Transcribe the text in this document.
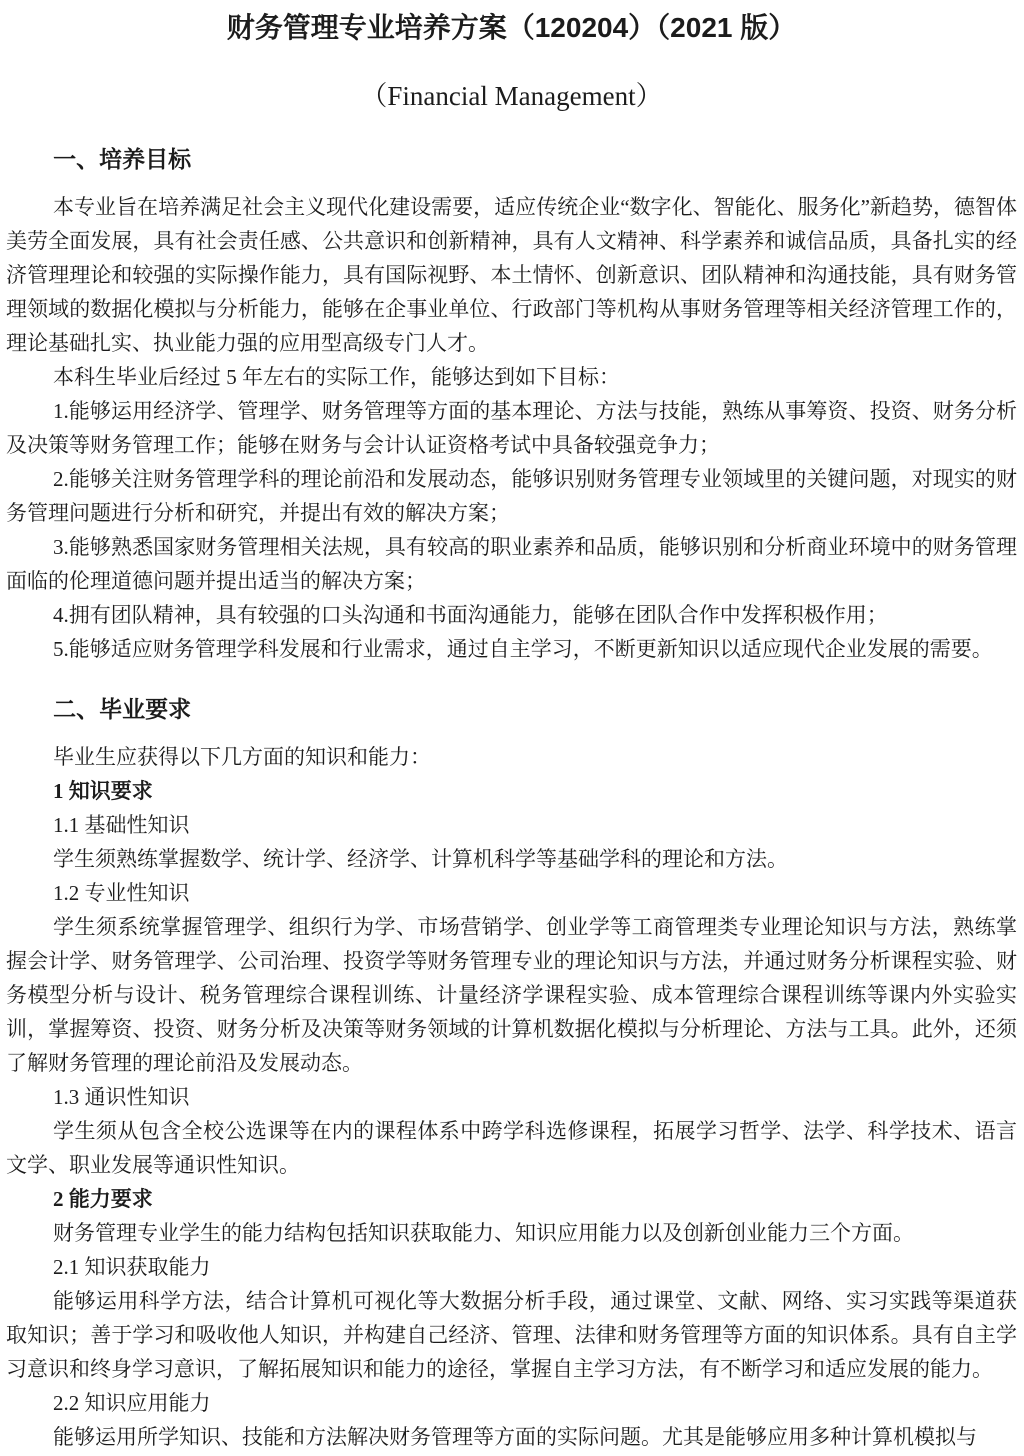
财务管理专业培养方案（120204）（2021 版）
（Financial Management）
一、培养目标

本专业旨在培养满足社会主义现代化建设需要，适应传统企业“数字化、智能化、服务化”新趋势，德智体美劳全面发展，具有社会责任感、公共意识和创新精神，具有人文精神、科学素养和诚信品质，具备扎实的经济管理理论和较强的实际操作能力，具有国际视野、本土情怀、创新意识、团队精神和沟通技能，具有财务管理领域的数据化模拟与分析能力，能够在企事业单位、行政部门等机构从事财务管理等相关经济管理工作的，理论基础扎实、执业能力强的应用型高级专门人才。

本科生毕业后经过 5 年左右的实际工作，能够达到如下目标：

1.能够运用经济学、管理学、财务管理等方面的基本理论、方法与技能，熟练从事筹资、投资、财务分析及决策等财务管理工作；能够在财务与会计认证资格考试中具备较强竞争力；

2.能够关注财务管理学科的理论前沿和发展动态，能够识别财务管理专业领域里的关键问题，对现实的财务管理问题进行分析和研究，并提出有效的解决方案；

3.能够熟悉国家财务管理相关法规，具有较高的职业素养和品质，能够识别和分析商业环境中的财务管理面临的伦理道德问题并提出适当的解决方案；

4.拥有团队精神，具有较强的口头沟通和书面沟通能力，能够在团队合作中发挥积极作用；

5.能够适应财务管理学科发展和行业需求，通过自主学习，不断更新知识以适应现代企业发展的需要。

二、毕业要求

毕业生应获得以下几方面的知识和能力：

1 知识要求

1.1 基础性知识

学生须熟练掌握数学、统计学、经济学、计算机科学等基础学科的理论和方法。

1.2 专业性知识

学生须系统掌握管理学、组织行为学、市场营销学、创业学等工商管理类专业理论知识与方法，熟练掌握会计学、财务管理学、公司治理、投资学等财务管理专业的理论知识与方法，并通过财务分析课程实验、财务模型分析与设计、税务管理综合课程训练、计量经济学课程实验、成本管理综合课程训练等课内外实验实训，掌握筹资、投资、财务分析及决策等财务领域的计算机数据化模拟与分析理论、方法与工具。此外，还须了解财务管理的理论前沿及发展动态。

1.3 通识性知识

学生须从包含全校公选课等在内的课程体系中跨学科选修课程，拓展学习哲学、法学、科学技术、语言文学、职业发展等通识性知识。

2 能力要求

财务管理专业学生的能力结构包括知识获取能力、知识应用能力以及创新创业能力三个方面。

2.1 知识获取能力

能够运用科学方法，结合计算机可视化等大数据分析手段，通过课堂、文献、网络、实习实践等渠道获取知识；善于学习和吸收他人知识，并构建自己经济、管理、法律和财务管理等方面的知识体系。具有自主学习意识和终身学习意识，了解拓展知识和能力的途径，掌握自主学习方法，有不断学习和适应发展的能力。

2.2 知识应用能力

能够运用所学知识、技能和方法解决财务管理等方面的实际问题。尤其是能够应用多种计算机模拟与
